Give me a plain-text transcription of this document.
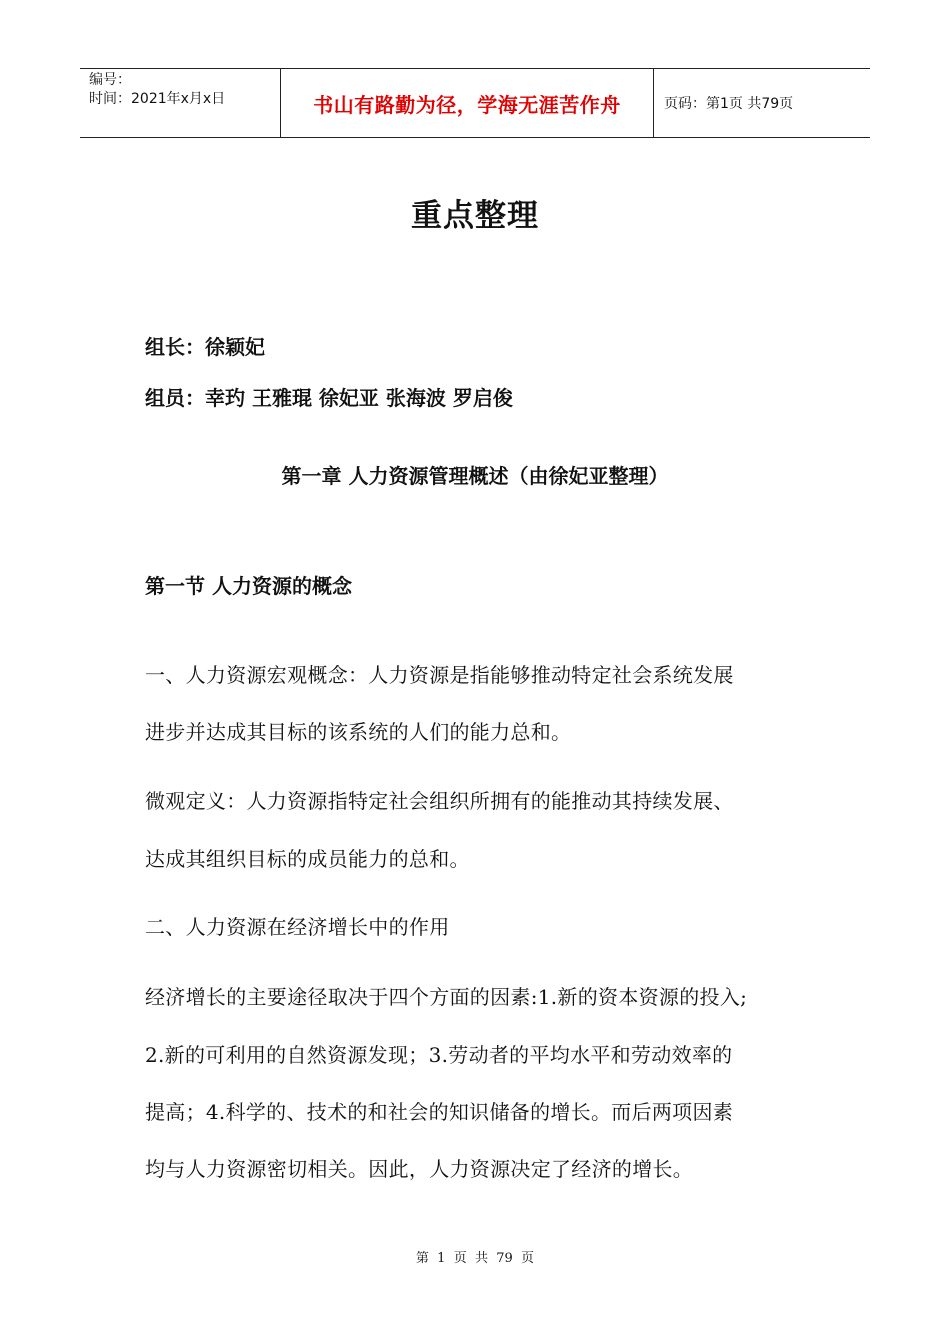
编号：
时间：2021年x月x日	书山有路勤为径，学海无涯苦作舟	页码：第1页 共79页
重点整理
组长：徐颖妃
组员：幸玓 王雅琨 徐妃亚 张海波 罗启俊
第一章 人力资源管理概述（由徐妃亚整理）
第一节 人力资源的概念
一、人力资源宏观概念：人力资源是指能够推动特定社会系统发展
进步并达成其目标的该系统的人们的能力总和。
微观定义：人力资源指特定社会组织所拥有的能推动其持续发展、
达成其组织目标的成员能力的总和。
二、人力资源在经济增长中的作用
经济增长的主要途径取决于四个方面的因素:1.新的资本资源的投入;
2.新的可利用的自然资源发现；3.劳动者的平均水平和劳动效率的
提高；4.科学的、技术的和社会的知识储备的增长。而后两项因素
均与人力资源密切相关。因此，人力资源决定了经济的增长。
第  1  页  共  79  页
